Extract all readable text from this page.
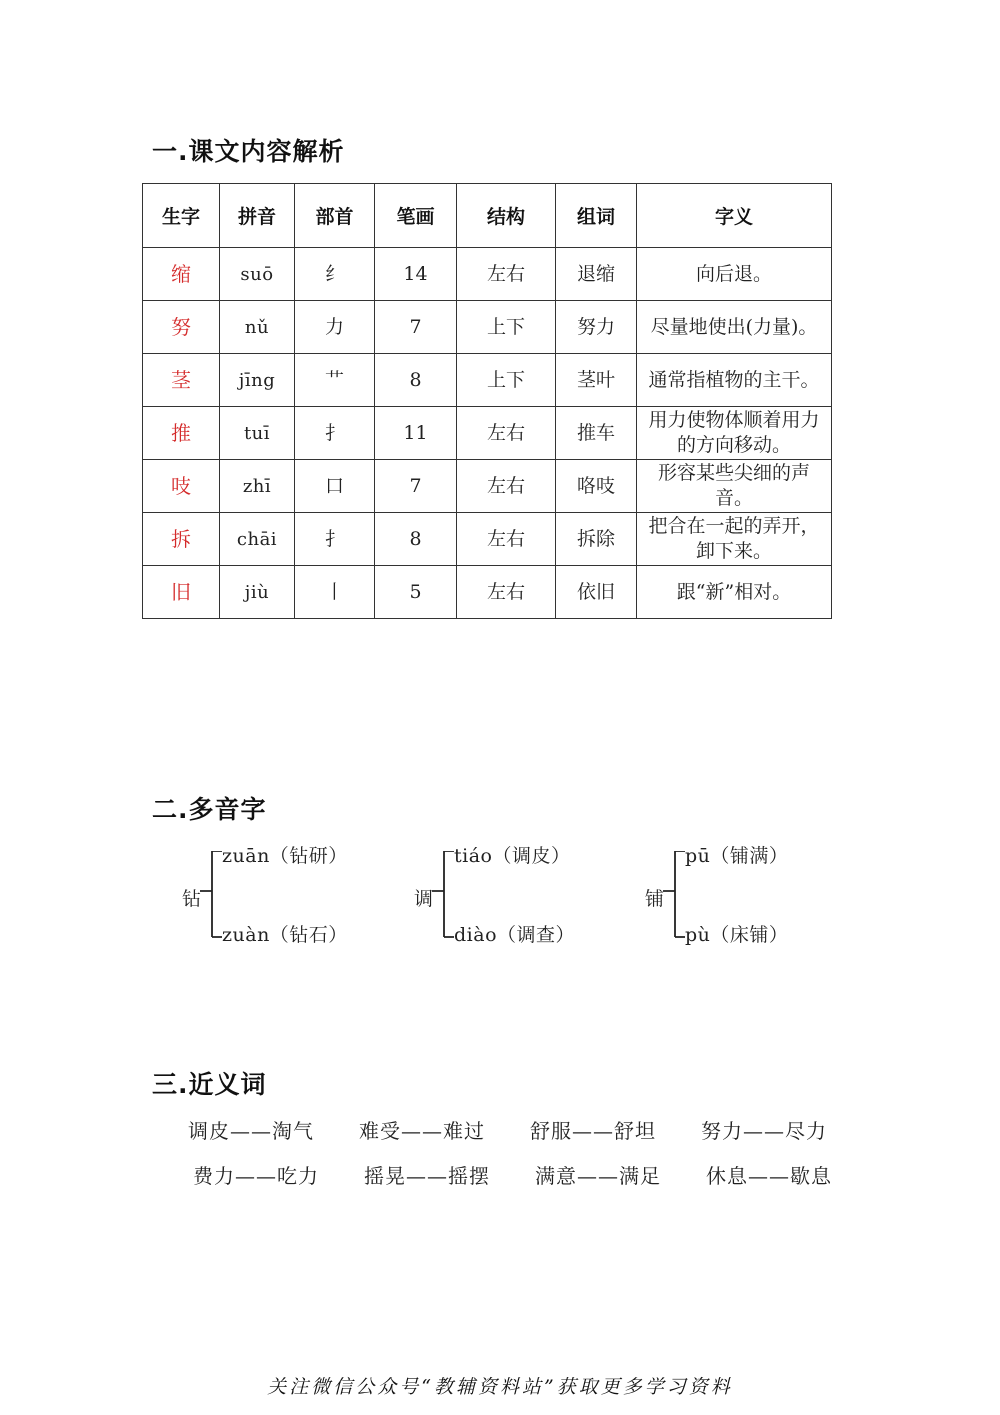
一.课文内容解析
生字	拼音	部首	笔画	结构	组词	字义
缩	suō	纟	14	左右	退缩	向后退。
努	nǔ	力	7	上下	努力	尽量地使出(力量)。
茎	jīng	艹	8	上下	茎叶	通常指植物的主干。
推	tuī	扌	11	左右	推车	用力使物体顺着用力的方向移动。
吱	zhī	口	7	左右	咯吱	形容某些尖细的声音。
拆	chāi	扌	8	左右	拆除	把合在一起的弄开，卸下来。
旧	jiù	丨	5	左右	依旧	跟“新”相对。
二.多音字
钻
zuān（钻研）
zuàn（钻石）
调
tiáo（调皮）
diào（调查）
铺
pū（铺满）
pù（床铺）
三.近义词
调皮——淘气 难受——难过 舒服——舒坦 努力——尽力
费力——吃力 摇晃——摇摆 满意——满足 休息——歇息
关注微信公众号“教辅资料站”获取更多学习资料
